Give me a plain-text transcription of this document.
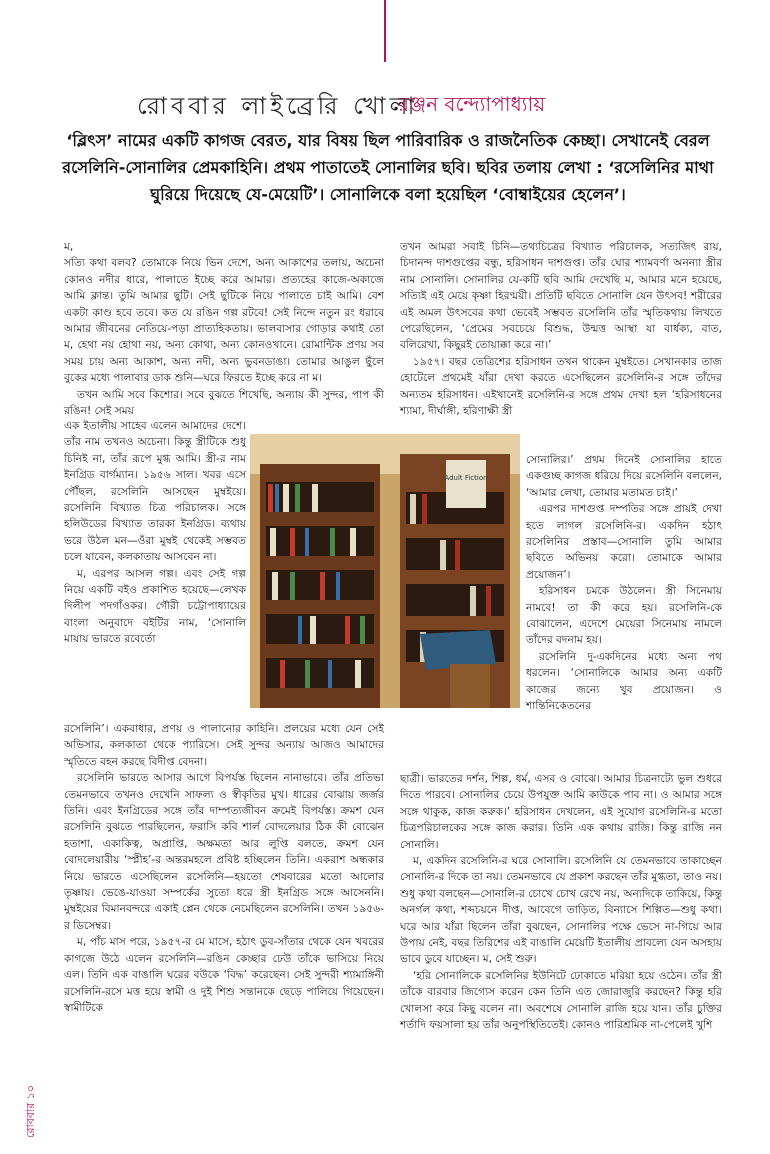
রোববার লাইব্রেরি খোলা
রঞ্জন বন্দ্যোপাধ্যায়
‘ব্লিৎস’ নামের একটি কাগজ বেরত, যার বিষয় ছিল পারিবারিক ও রাজনৈতিক কেচ্ছা। সেখানেই বেরল রসেলিনি-সোনালির প্রেমকাহিনি। প্রথম পাতাতেই সোনালির ছবি। ছবির তলায় লেখা : ‘রসেলিনির মাথা ঘুরিয়ে দিয়েছে যে-মেয়েটি’। সোনালিকে বলা হয়েছিল ‘বোম্বাইয়ের হেলেন’।

ম,

সত্যি কথা বলব? তোমাকে নিয়ে ভিন দেশে, অন্য আকাশের তলায়, অচেনা কোনও নদীর ধারে, পালাতে ইচ্ছে করে আমার। প্রত্যহের কাজে-অকাজে আমি ক্লান্ত। তুমি আমার ছুটি। সেই ছুটিকে নিয়ে পালাতে চাই আমি। বেশ একটা কাণ্ড হবে তবে। কত যে রঙিন গল্প রটবে! সেই নিন্দে নতুন রং ধরাবে আমার জীবনের নেতিয়ে-পড়া প্রাত্যহিকতায়। ভালবাসার গোড়ার কথাই তো ম, হেথা নয় হোথা নয়, অন্য কোথা, অন্য কোনওখানে। রোমান্টিক প্রণয় সব সময় চায় অন্য আকাশ, অন্য নদী, অন্য ভুবনডাঙা। তোমার আঙুল ছুঁলে বুকের মধ্যে পালাবার ডাক শুনি—ঘরে ফিরতে ইচ্ছে করে না ম।

তখন আমি সবে কিশোর। সবে বুঝতে শিখেছি, অন্যায় কী সুন্দর, পাপ কী রঙিন! সেই সময়

এক ইতালীয় সাহেব এলেন আমাদের দেশে। তাঁর নাম তখনও অচেনা। কিন্তু স্ত্রীটিকে শুধু চিনিই না, তাঁর রূপে মুগ্ধ আমি। স্ত্রী-র নাম ইনগ্রিড বার্গম্যান। ১৯৫৬ সাল। খবর এসে পৌঁছল, রসেলিনি আসছেন মুম্বইয়ে। রসেলিনি বিখ্যাত চিত্র পরিচালক। সঙ্গে হলিউডের বিখ্যাত তারকা ইনগ্রিড। ব্যথায় ভরে উঠল মন—ওঁরা মুম্বই থেকেই সম্ভবত চলে যাবেন, কলকাতায় আসবেন না।

ম, এরপর আসল গল্প। এবং সেই গল্প নিয়ে একটি বইও প্রকাশিত হয়েছে—লেখক দিলীপ পদগাঁওকর। গৌরী চট্টোপাধ্যায়ের বাংলা অনুবাদে বইটির নাম, ‘সোনালি মায়ায় ভারতে রবের্তো

রসেলিনি’। একবাধার, প্রণয় ও পালানোর কাহিনি। প্রলয়ের মধ্যে যেন সেই অভিসার, কলকাতা থেকে প্যারিসে। সেই সুন্দর অন্যায় আজও আমাদের স্মৃতিতে বহন করছে বিদীপ্ত বেদনা।

রসেলিনি ভারতে আসার আগে বিপর্যস্ত ছিলেন নানাভাবে। তাঁর প্রতিভা তেমনভাবে তখনও দেখেনি সাফল্য ও স্বীকৃতির মুখ। ধারের বোঝায় জর্জর তিনি। এবং ইনগ্রিডের সঙ্গে তাঁর দাম্পত্যজীবন ক্রমেই বিপর্যস্ত। ক্রমশ যেন রসেলিনি বুঝতে পারছিলেন, ফরাসি কবি শার্ল বোদলেয়ার ঠিক কী বোঝেন হতাশা, একাকিত্ব, অপ্রাপ্তি, অক্ষমতা আর লুপ্তি বলতে, ক্রমশ যেন বোদলেয়ারীয় ‘স্প্লীহ’-র অন্তরমহলে প্রবিষ্ট হচ্ছিলেন তিনি। একরাশ অন্ধকার নিয়ে ভারতে এসেছিলেন রসেলিনি—হয়তো শেষবারের মতো আলোর তৃষ্ণায়। ভেঙে-যাওয়া সম্পর্কের সুতো ধরে স্ত্রী ইনগ্রিড সঙ্গে আসেননি। মুম্বইয়ের বিমানবন্দরে একাই প্লেন থেকে নেমেছিলেন রসেলিনি। তখন ১৯৫৬-র ডিসেম্বর।

ম, পাঁচ মাস পরে, ১৯৫৭-র মে মাসে, হঠাৎ ডুব-সাঁতার থেকে যেন খবরের কাগজে উঠে এলেন রসেলিনি—রঙিন কেচ্ছার ঢেউ তাঁকে ভাসিয়ে নিয়ে এল। তিনি এক বাঙালি ঘরের বউকে ‘বিদ্ধ’ করেছেন। সেই সুন্দরী শ্যামাঙ্গিনী রসেলিনি-রসে মত্ত হয়ে স্বামী ও দুই শিশু সন্তানকে ছেড়ে পালিয়ে গিয়েছেন। স্বামীটিকে

তখন আমরা সবাই চিনি—তথ্যচিত্রের বিখ্যাত পরিচালক, সত্যজিৎ রায়, চিদানন্দ দাশগুপ্তের বন্ধু, হরিসাধন দাশগুপ্ত। তাঁর ঘোর শ্যামবর্ণা অনন্যা স্ত্রীর নাম সোনালি। সোনালির যে-কটি ছবি আমি দেখেছি ম, আমার মনে হয়েছে, সত্যিই এই মেয়ে কৃষ্ণা হিরণ্ময়ী। প্রতিটি ছবিতে সোনালি যেন উৎসব! শরীরের এই অমল উৎসবের কথা ভেবেই সম্ভবত রসেলিনি তাঁর স্মৃতিকথায় লিখতে পেরেছিলেন, ‘প্রেমের সবচেয়ে বিশুদ্ধ, উন্মত্ত আস্থা যা বার্ধক্য, বাত, বলিরেখা, কিছুরই তোয়াক্কা করে না।’

১৯৫৭। বছর তেত্রিশের হরিসাধন তখন থাকেন মুম্বইতে। সেখানকার তাজ হোটেলে প্রথমেই যাঁরা দেখা করতে এসেছিলেন রসেলিনি-র সঙ্গে তাঁদের অন্যতম হরিসাধন। এইখানেই রসেলিনি-র সঙ্গে প্রথম দেখা হল ‘হরিসাধনের শ্যামা, দীর্ঘাঙ্গী, হরিণাক্ষী স্ত্রী

সোনালির।’ প্রথম দিনেই সোনালির হাতে একগুচ্ছ কাগজ ধরিয়ে দিয়ে রসেলিনি বললেন, ‘আমার লেখা, তোমার মতামত চাই।’

এরপর দাশগুপ্ত দম্পতির সঙ্গে প্রায়ই দেখা হতে লাগল রসেলিনি-র। একদিন হঠাৎ রসেলিনির প্রস্তাব—সোনালি তুমি আমার ছবিতে অভিনয় করো। তোমাকে আমার প্রয়োজন’।

হরিসাধন চমকে উঠলেন। স্ত্রী সিনেমায় নামবে! তা কী করে হয়। রসেলিনি-কে বোঝালেন, এদেশে মেয়েরা সিনেমায় নামলে তাঁদের বদনাম হয়।

রসেলিনি দু-একদিনের মধ্যে অন্য পথ ধরলেন। ‘সোনালিকে আমার অন্য একটি কাজের জন্যে খুব প্রয়োজন। ও শান্তিনিকেতনের

ছাত্রী। ভারতের দর্শন, শিল্প, ধর্ম, এসব ও বোঝে। আমার চিত্রনাট্যে ভুল শুধরে দিতে পারবে। সোনালির চেয়ে উপযুক্ত আমি কাউকে পাব না। ও আমার সঙ্গে সঙ্গে থাকুক, কাজ করুক।’ হরিসাধন দেখলেন, এই সুযোগ রসেলিনি-র মতো চিত্রপরিচালকের সঙ্গে কাজ করার। তিনি এক কথায় রাজি। কিন্তু রাজি নন সোনালি।

ম, একদিন রসেলিনি-র ঘরে সোনালি। রসেলিনি যে তেমনভাবে তাকাচ্ছেন সোনালি-র দিকে তা নয়। তেমনভাবে যে প্রকাশ করছেন তাঁর মুগ্ধতা, তাও নয়। শুধু কথা বলছেন—সোনালি-র চোখে চোখ রেখে নয়, অন্যদিকে তাকিয়ে, কিন্তু অনর্গল কথা, শব্দচয়নে দীপ্ত, আবেগে তাড়িত, বিন্যাসে শিল্পিত—শুধু কথা। ঘরে আর যাঁরা ছিলেন তাঁরা বুঝছেন, সোনালির পক্ষে ভেসে না-গিয়ে আর উপায় নেই, বছর তিরিশের এই বাঙালি মেয়েটি ইতালীয় প্রাবল্যে যেন অসহায় ভাবে ডুবে যাচ্ছেন। ম, সেই শুরু।

‘হরি সোনালিকে রসেলিনির ইউনিটে ঢোকাতে মরিয়া হয়ে ওঠেন। তাঁর স্ত্রী তাঁকে বারবার জিগ্যেস করেন কেন তিনি এত জোরাজুরি করছেন? কিন্তু হরি খোলসা করে কিছু বলেন না। অবশেষে সোনালি রাজি হয়ে যান। তাঁর চুক্তির শর্তাদি ফয়সালা হয় তাঁর অনুপস্থিতিতেই। কোনও পারিশ্রমিক না-পেলেই খুশি

Adult Fiction
রোববার ১০
